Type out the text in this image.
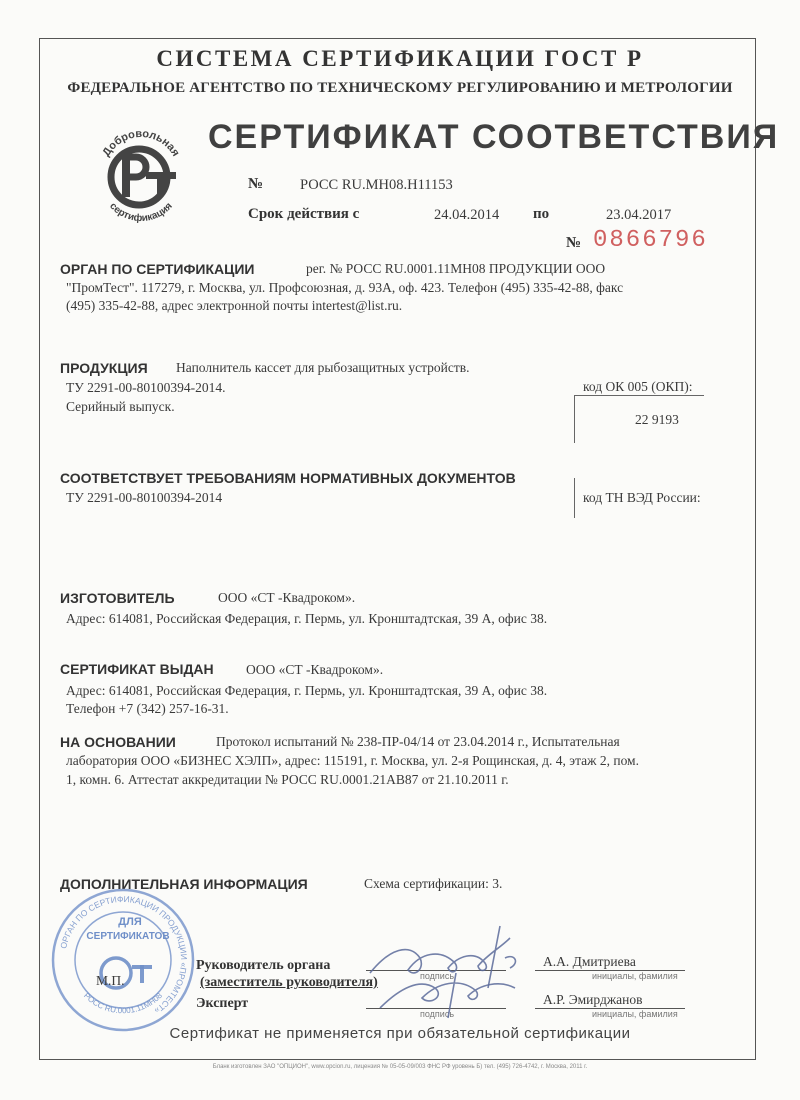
СИСТЕМА СЕРТИФИКАЦИИ ГОСТ Р
ФЕДЕРАЛЬНОЕ АГЕНТСТВО ПО ТЕХНИЧЕСКОМУ РЕГУЛИРОВАНИЮ И МЕТРОЛОГИИ
Добровольная
сертификация
СЕРТИФИКАТ СООТВЕТСТВИЯ
№	РОСС RU.МН08.Н11153
Срок действия с	24.04.2014 по	23.04.2017
№ 0866796
ОРГАН ПО СЕРТИФИКАЦИИ	рег. № РОСС RU.0001.11МН08 ПРОДУКЦИИ ООО
"ПромТест". 117279, г. Москва, ул. Профсоюзная, д. 93А, оф. 423. Телефон (495) 335-42-88, факс
(495) 335-42-88, адрес электронной почты intertest@list.ru.
ПРОДУКЦИЯ Наполнитель кассет для рыбозащитных устройств.
ТУ 2291-00-80100394-2014.
Серийный выпуск.
код ОК 005 (ОКП):
22 9193
СООТВЕТСТВУЕТ ТРЕБОВАНИЯМ НОРМАТИВНЫХ ДОКУМЕНТОВ
ТУ 2291-00-80100394-2014	код ТН ВЭД России:
ИЗГОТОВИТЕЛЬ	ООО «СТ -Квадроком».
Адрес: 614081, Российская Федерация, г. Пермь, ул. Кронштадтская, 39 А, офис 38.
СЕРТИФИКАТ ВЫДАН ООО «СТ -Квадроком».
Адрес: 614081, Российская Федерация, г. Пермь, ул. Кронштадтская, 39 А, офис 38.
Телефон +7 (342) 257-16-31.
НА ОСНОВАНИИ	Протокол испытаний № 238-ПР-04/14 от 23.04.2014 г., Испытательная
лаборатория ООО «БИЗНЕС ХЭЛП», адрес: 115191, г. Москва, ул. 2-я Рощинская, д. 4, этаж 2, пом.
1, комн. 6. Аттестат аккредитации № РОСС RU.0001.21АВ87 от 21.10.2011 г.
ДОПОЛНИТЕЛЬНАЯ ИНФОРМАЦИЯ	Схема сертификации: 3.
ОРГАН ПО СЕРТИФИКАЦИИ ПРОДУКЦИИ «ПРОМТЕСТ»
ДЛЯ
СЕРТИФИКАТОВ
РОСС RU.0001.11МН08
М.П.
Руководитель органа
(заместитель руководителя)
Эксперт
подпись	инициалы, фамилия
подпись	инициалы, фамилия
А.А. Дмитриева
А.Р. Эмирджанов
Сертификат не применяется при обязательной сертификации
Бланк изготовлен ЗАО "ОПЦИОН", www.opcion.ru, лицензия № 05-05-09/003 ФНС РФ уровень Б) тел. (495) 726-4742, г. Москва, 2011 г.
